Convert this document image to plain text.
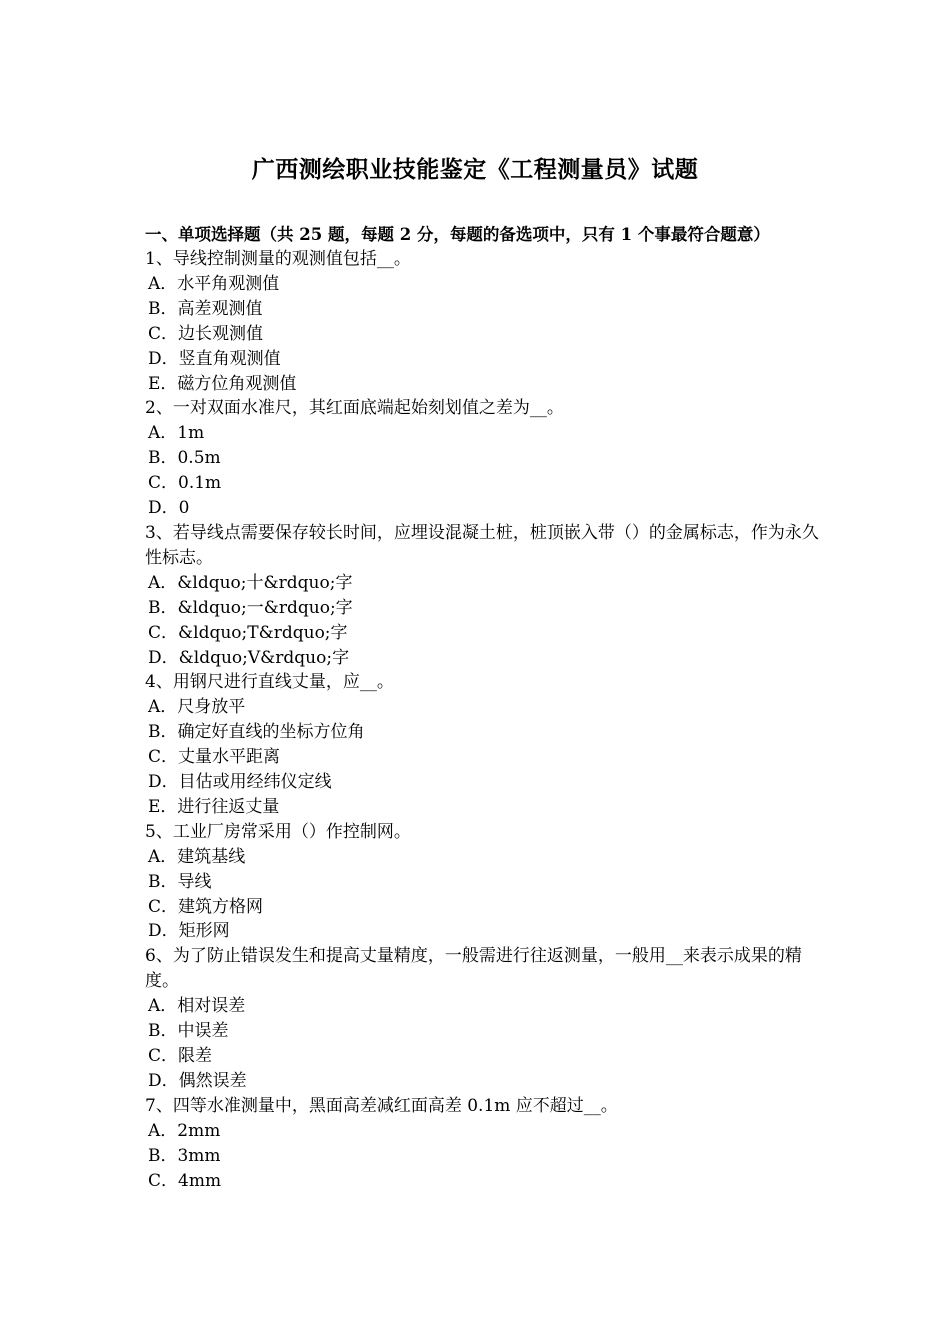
广西测绘职业技能鉴定《工程测量员》试题

一、单项选择题（共 25 题，每题 2 分，每题的备选项中，只有 1 个事最符合题意）

1、导线控制测量的观测值包括__。

A．水平角观测值

B．高差观测值

C．边长观测值

D．竖直角观测值

E．磁方位角观测值

2、一对双面水准尺，其红面底端起始刻划值之差为__。

A．1m

B．0.5m

C．0.1m

D．0

3、若导线点需要保存较长时间，应埋设混凝土桩，桩顶嵌入带（）的金属标志，作为永久性标志。

A．&ldquo;十&rdquo;字

B．&ldquo;一&rdquo;字

C．&ldquo;T&rdquo;字

D．&ldquo;V&rdquo;字

4、用钢尺进行直线丈量，应__。

A．尺身放平

B．确定好直线的坐标方位角

C．丈量水平距离

D．目估或用经纬仪定线

E．进行往返丈量

5、工业厂房常采用（）作控制网。

A．建筑基线

B．导线

C．建筑方格网

D．矩形网

6、为了防止错误发生和提高丈量精度，一般需进行往返测量，一般用__来表示成果的精度。

A．相对误差

B．中误差

C．限差

D．偶然误差

7、四等水准测量中，黑面高差减红面高差 0.1m 应不超过__。

A．2mm

B．3mm

C．4mm
